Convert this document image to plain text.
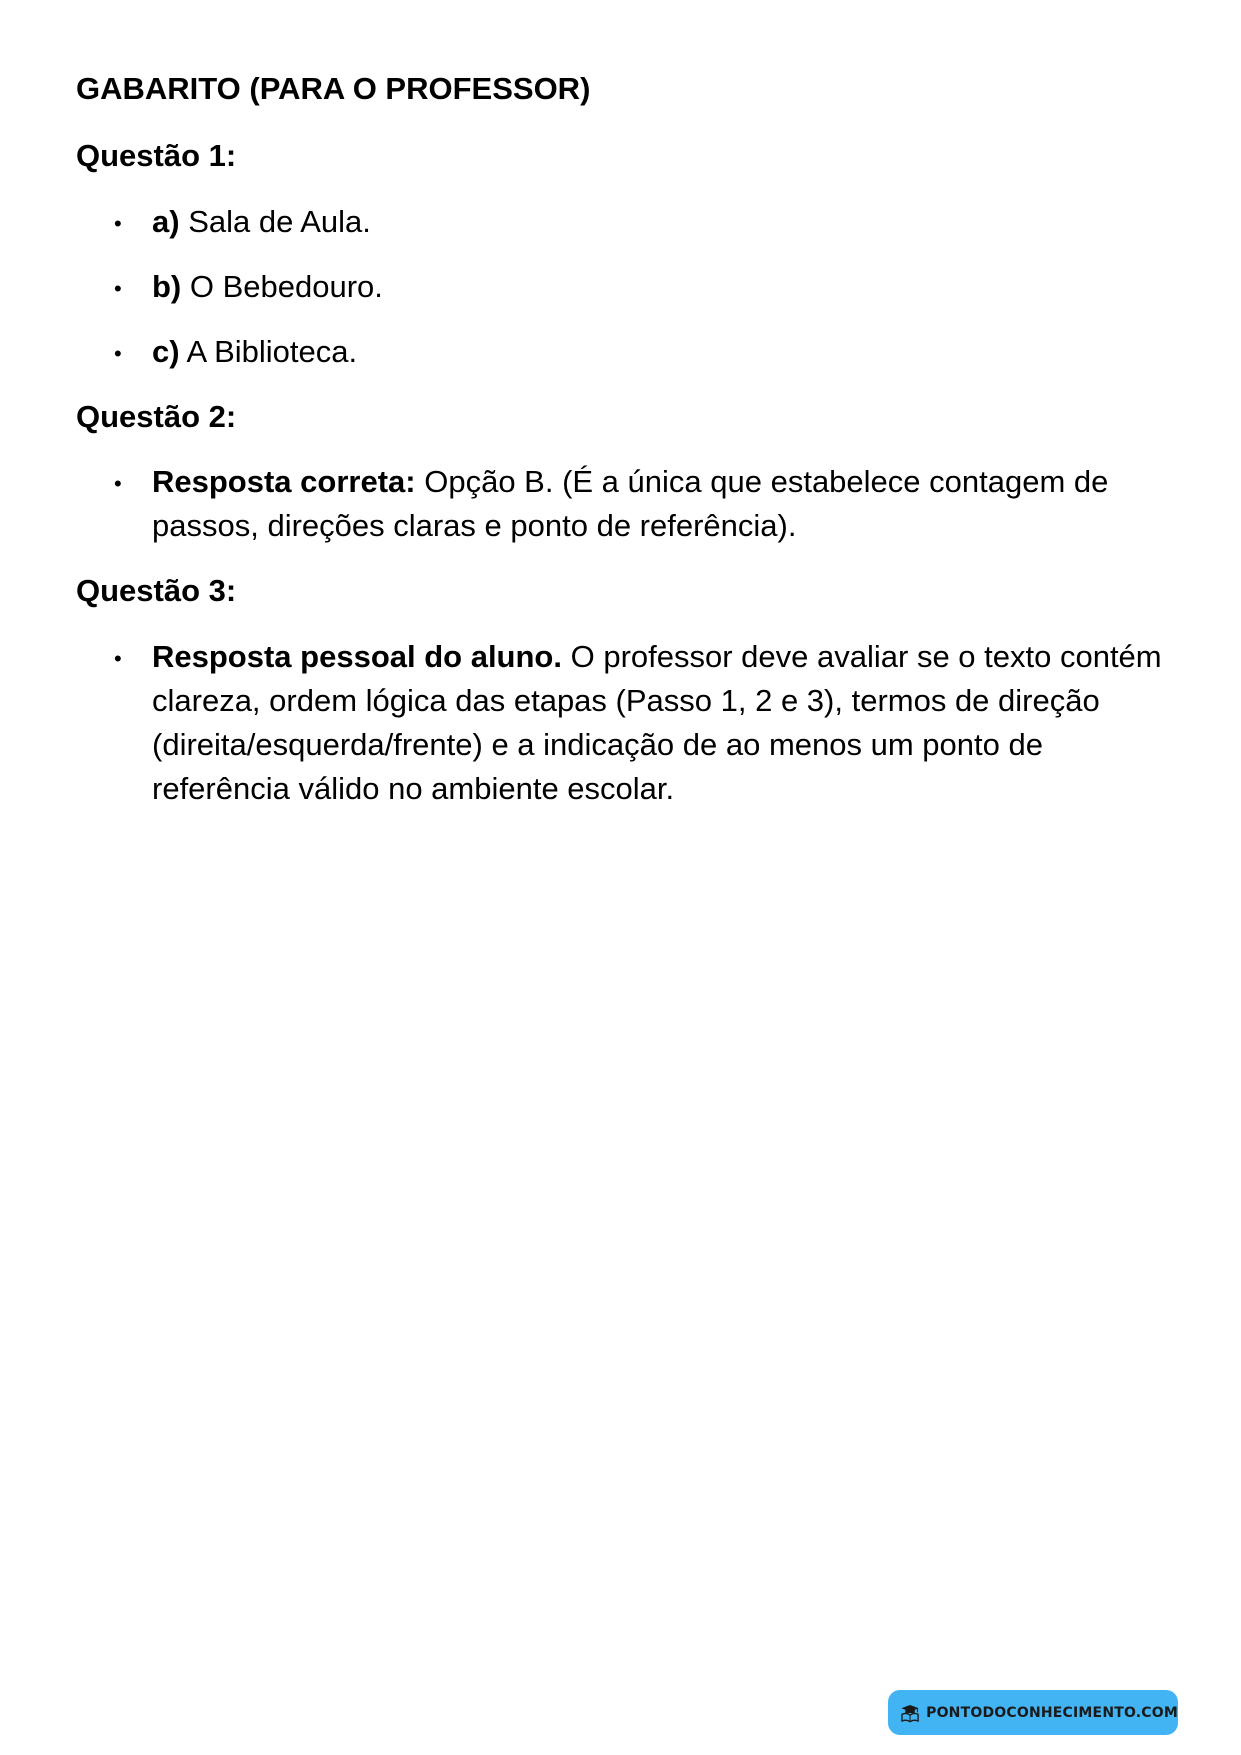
GABARITO (PARA O PROFESSOR)
Questão 1:
• a) Sala de Aula.
• b) O Bebedouro.
• c) A Biblioteca.
Questão 2:
• Resposta correta: Opção B. (É a única que estabelece contagem de passos, direções claras e ponto de referência).
Questão 3:
• Resposta pessoal do aluno. O professor deve avaliar se o texto contém clareza, ordem lógica das etapas (Passo 1, 2 e 3), termos de direção (direita/esquerda/frente) e a indicação de ao menos um ponto de referência válido no ambiente escolar.
PONTODOCONHECIMENTO.COM
